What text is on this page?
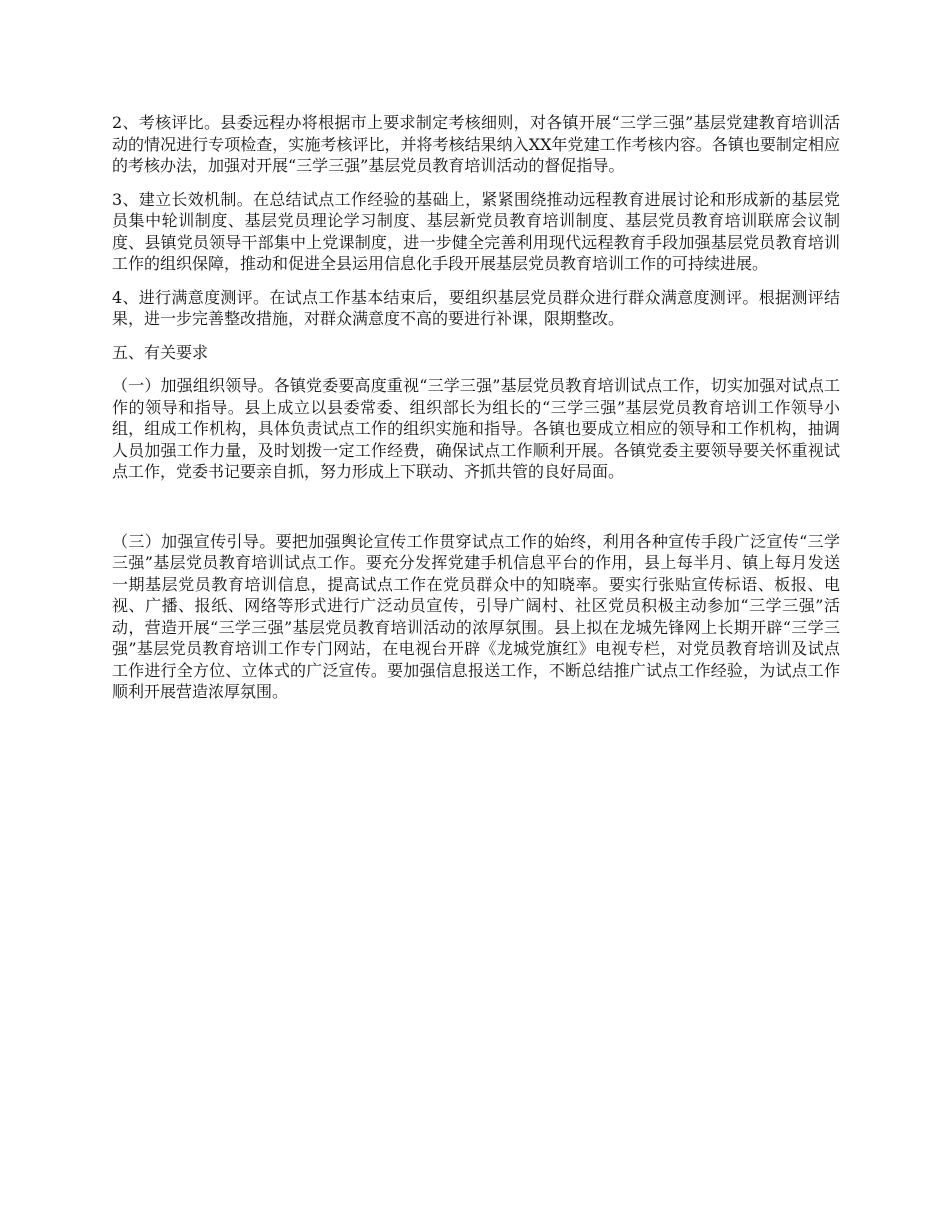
2、考核评比。县委远程办将根据市上要求制定考核细则，对各镇开展“三学三强”基层党建教育培训活动的情况进行专项检查，实施考核评比，并将考核结果纳入XX年党建工作考核内容。各镇也要制定相应的考核办法，加强对开展“三学三强”基层党员教育培训活动的督促指导。

3、建立长效机制。在总结试点工作经验的基础上，紧紧围绕推动远程教育进展讨论和形成新的基层党员集中轮训制度、基层党员理论学习制度、基层新党员教育培训制度、基层党员教育培训联席会议制度、县镇党员领导干部集中上党课制度，进一步健全完善利用现代远程教育手段加强基层党员教育培训工作的组织保障，推动和促进全县运用信息化手段开展基层党员教育培训工作的可持续进展。

4、进行满意度测评。在试点工作基本结束后，要组织基层党员群众进行群众满意度测评。根据测评结果，进一步完善整改措施，对群众满意度不高的要进行补课，限期整改。

五、有关要求

（一）加强组织领导。各镇党委要高度重视“三学三强”基层党员教育培训试点工作，切实加强对试点工作的领导和指导。县上成立以县委常委、组织部长为组长的“三学三强”基层党员教育培训工作领导小组，组成工作机构，具体负责试点工作的组织实施和指导。各镇也要成立相应的领导和工作机构，抽调人员加强工作力量，及时划拨一定工作经费，确保试点工作顺利开展。各镇党委主要领导要关怀重视试点工作，党委书记要亲自抓，努力形成上下联动、齐抓共管的良好局面。

（三）加强宣传引导。要把加强舆论宣传工作贯穿试点工作的始终，利用各种宣传手段广泛宣传“三学三强”基层党员教育培训试点工作。要充分发挥党建手机信息平台的作用，县上每半月、镇上每月发送一期基层党员教育培训信息，提高试点工作在党员群众中的知晓率。要实行张贴宣传标语、板报、电视、广播、报纸、网络等形式进行广泛动员宣传，引导广阔村、社区党员积极主动参加“三学三强”活动，营造开展“三学三强”基层党员教育培训活动的浓厚氛围。县上拟在龙城先锋网上长期开辟“三学三强”基层党员教育培训工作专门网站，在电视台开辟《龙城党旗红》电视专栏，对党员教育培训及试点工作进行全方位、立体式的广泛宣传。要加强信息报送工作，不断总结推广试点工作经验，为试点工作顺利开展营造浓厚氛围。
